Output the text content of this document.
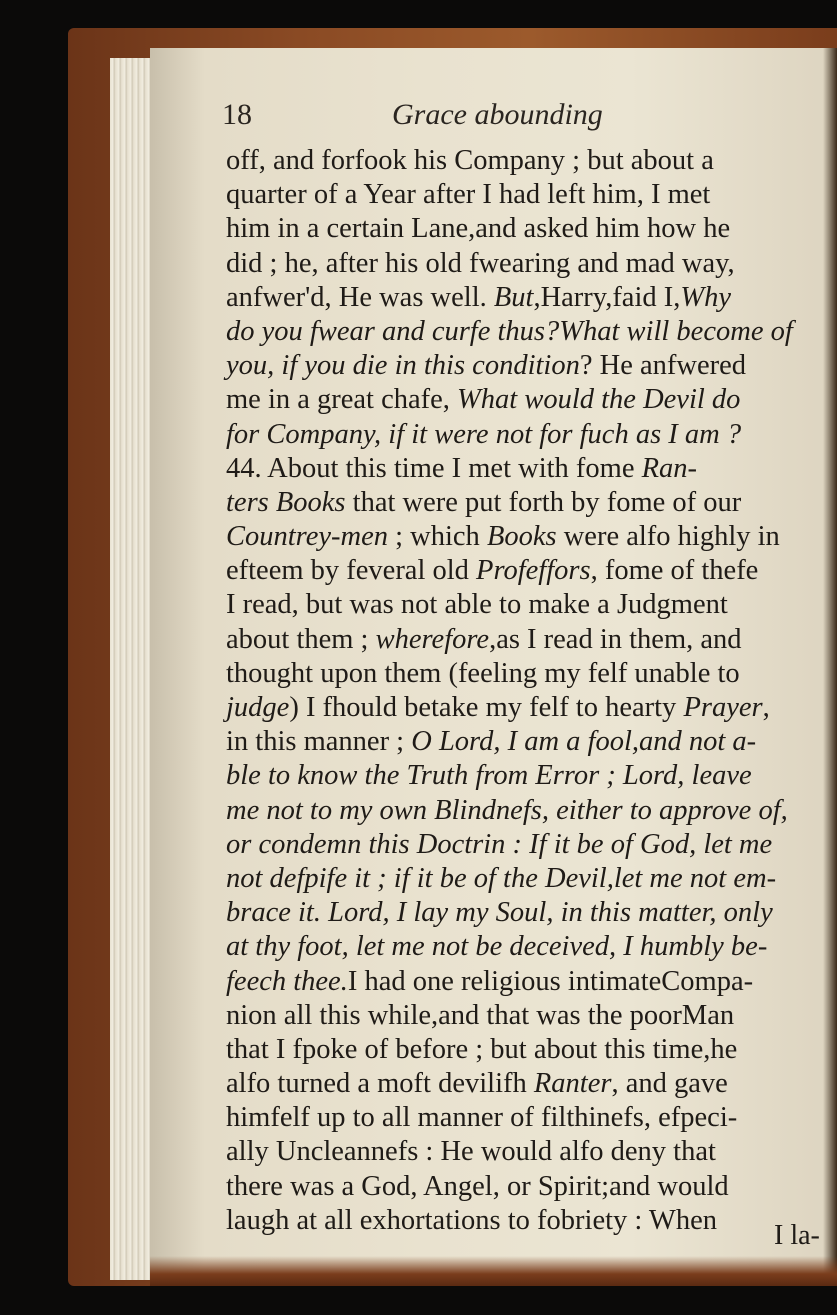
18	Grace abounding
off, and forfook his Company ; but about a
quarter of a Year after I had left him, I met
him in a certain Lane,and asked him how he
did ; he, after his old fwearing and mad way,
anfwer'd, He was well. But,Harry,faid I,Why
do you fwear and curfe thus?What will become of
you, if you die in this condition? He anfwered
me in a great chafe, What would the Devil do
for Company, if it were not for fuch as I am ?
44. About this time I met with fome Ran-
ters Books that were put forth by fome of our
Countrey-men ; which Books were alfo highly in
efteem by feveral old Profeffors, fome of thefe
I read, but was not able to make a Judgment
about them ; wherefore,as I read in them, and
thought upon them (feeling my felf unable to
judge) I fhould betake my felf to hearty Prayer,
in this manner ; O Lord, I am a fool,and not a-
ble to know the Truth from Error ; Lord, leave
me not to my own Blindnefs, either to approve of,
or condemn this Doctrin : If it be of God, let me
not defpife it ; if it be of the Devil,let me not em-
brace it. Lord, I lay my Soul, in this matter, only
at thy foot, let me not be deceived, I humbly be-
feech thee.I had one religious intimateCompa-
nion all this while,and that was the poorMan
that I fpoke of before ; but about this time,he
alfo turned a moft devilifh Ranter, and gave
himfelf up to all manner of filthinefs, efpeci-
ally Uncleannefs : He would alfo deny that
there was a God, Angel, or Spirit;and would
laugh at all exhortations to fobriety : When	I la-
